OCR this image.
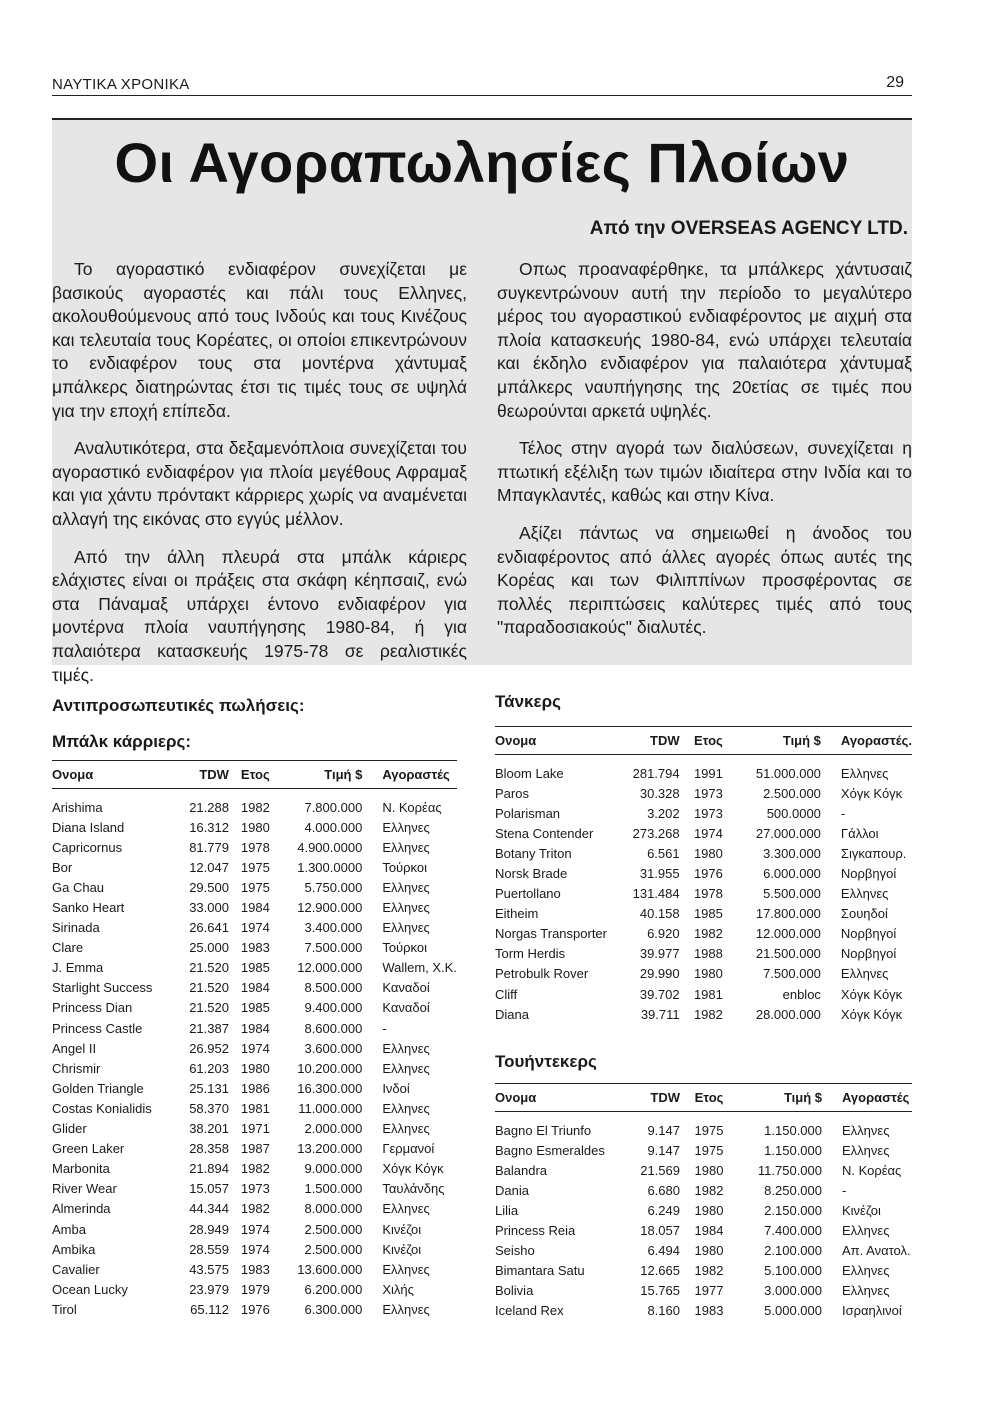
ΝΑΥΤΙΚΑ ΧΡΟΝΙΚΑ	29
Οι Αγοραπωλησίες Πλοίων
Από την OVERSEAS AGENCY LTD.

Το αγοραστικό ενδιαφέρον συνεχίζεται με βασικούς αγοραστές και πάλι τους Ελληνες, ακολουθούμενους από τους Ινδούς και τους Κινέζους και τελευταία τους Κορέατες, οι οποίοι επικεντρώνουν το ενδιαφέρον τους στα μοντέρνα χάντυμαξ μπάλκερς διατηρώντας έτσι τις τιμές τους σε υψηλά για την εποχή επίπεδα.

Αναλυτικότερα, στα δεξαμενόπλοια συνεχίζεται του αγοραστικό ενδιαφέρον για πλοία μεγέθους Αφραμαξ και για χάντυ πρόντακτ κάρριερς χωρίς να αναμένεται αλλαγή της εικόνας στο εγγύς μέλλον.

Από την άλλη πλευρά στα μπάλκ κάριερς ελάχιστες είναι οι πράξεις στα σκάφη κέηπσαιζ, ενώ στα Πάναμαξ υπάρχει έντονο ενδιαφέρον για μοντέρνα πλοία ναυπήγησης 1980-84, ή για παλαιότερα κατασκευής 1975-78 σε ρεαλιστικές τιμές.

Οπως προαναφέρθηκε, τα μπάλκερς χάντυσαιζ συγκεντρώνουν αυτή την περίοδο το μεγαλύτερο μέρος του αγοραστικού ενδιαφέροντος με αιχμή στα πλοία κατασκευής 1980-84, ενώ υπάρχει τελευταία και έκδηλο ενδιαφέρον για παλαιότερα χάντυμαξ μπάλκερς ναυπήγησης της 20ετίας σε τιμές που θεωρούνται αρκετά υψηλές.

Τέλος στην αγορά των διαλύσεων, συνεχίζεται η πτωτική εξέλιξη των τιμών ιδιαίτερα στην Ινδία και το Μπαγκλαντές, καθώς και στην Κίνα.

Αξίζει πάντως να σημειωθεί η άνοδος του ενδιαφέροντος από άλλες αγορές όπως αυτές της Κορέας και των Φιλιππίνων προσφέροντας σε πολλές περιπτώσεις καλύτερες τιμές από τους "παραδοσιακούς" διαλυτές.

Αντιπροσωπευτικές πωλήσεις:
Μπάλκ κάρριερς:
Τάνκερς
Τουήντεκερς
Ονομα	TDW	Ετος	Τιμή $	Αγοραστές

Arishima	21.288	1982	7.800.000	Ν. Κορέας
Diana Island	16.312	1980	4.000.000	Ελληνες
Capricornus	81.779	1978	4.900.0000	Ελληνες
Bor	12.047	1975	1.300.0000	Τούρκοι
Ga Chau	29.500	1975	5.750.000	Ελληνες
Sanko Heart	33.000	1984	12.900.000	Ελληνες
Sirinada	26.641	1974	3.400.000	Ελληνες
Clare	25.000	1983	7.500.000	Τούρκοι
J. Emma	21.520	1985	12.000.000	Wallem, X.K.
Starlight Success	21.520	1984	8.500.000	Καναδοί
Princess Dian	21.520	1985	9.400.000	Καναδοί
Princess Castle	21.387	1984	8.600.000	-
Angel II	26.952	1974	3.600.000	Ελληνες
Chrismir	61.203	1980	10.200.000	Ελληνες
Golden Triangle	25.131	1986	16.300.000	Ινδοί
Costas Konialidis	58.370	1981	11.000.000	Ελληνες
Glider	38.201	1971	2.000.000	Ελληνες
Green Laker	28.358	1987	13.200.000	Γερμανοί
Marbonita	21.894	1982	9.000.000	Χόγκ Κόγκ
River Wear	15.057	1973	1.500.000	Ταυλάνδης
Almerinda	44.344	1982	8.000.000	Ελληνες
Amba	28.949	1974	2.500.000	Κινέζοι
Ambika	28.559	1974	2.500.000	Κινέζοι
Cavalier	43.575	1983	13.600.000	Ελληνες
Ocean Lucky	23.979	1979	6.200.000	Χιλής
Tirol	65.112	1976	6.300.000	Ελληνες
Ονομα	TDW	Ετος	Τιμή $	Αγοραστές.

Bloom Lake	281.794	1991	51.000.000	Ελληνες
Paros	30.328	1973	2.500.000	Χόγκ Κόγκ
Polarisman	3.202	1973	500.0000	-
Stena Contender	273.268	1974	27.000.000	Γάλλοι
Botany Triton	6.561	1980	3.300.000	Σιγκαπουρ.
Norsk Brade	31.955	1976	6.000.000	Νορβηγοί
Puertollano	131.484	1978	5.500.000	Ελληνες
Eitheim	40.158	1985	17.800.000	Σουηδοί
Norgas Transporter	6.920	1982	12.000.000	Νορβηγοί
Torm Herdis	39.977	1988	21.500.000	Νορβηγοί
Petrobulk Rover	29.990	1980	7.500.000	Ελληνες
Cliff	39.702	1981	enbloc	Χόγκ Κόγκ
Diana	39.711	1982	28.000.000	Χόγκ Κόγκ
Ονομα	TDW	Ετος	Τιμή $	Αγοραστές

Bagno El Triunfo	9.147	1975	1.150.000	Ελληνες
Bagno Esmeraldes	9.147	1975	1.150.000	Ελληνες
Balandra	21.569	1980	11.750.000	Ν. Κορέας
Dania	6.680	1982	8.250.000	-
Lilia	6.249	1980	2.150.000	Κινέζοι
Princess Reia	18.057	1984	7.400.000	Ελληνες
Seisho	6.494	1980	2.100.000	Απ. Ανατολ.
Bimantara Satu	12.665	1982	5.100.000	Ελληνες
Bolivia	15.765	1977	3.000.000	Ελληνες
Iceland Rex	8.160	1983	5.000.000	Ισραηλινοί
